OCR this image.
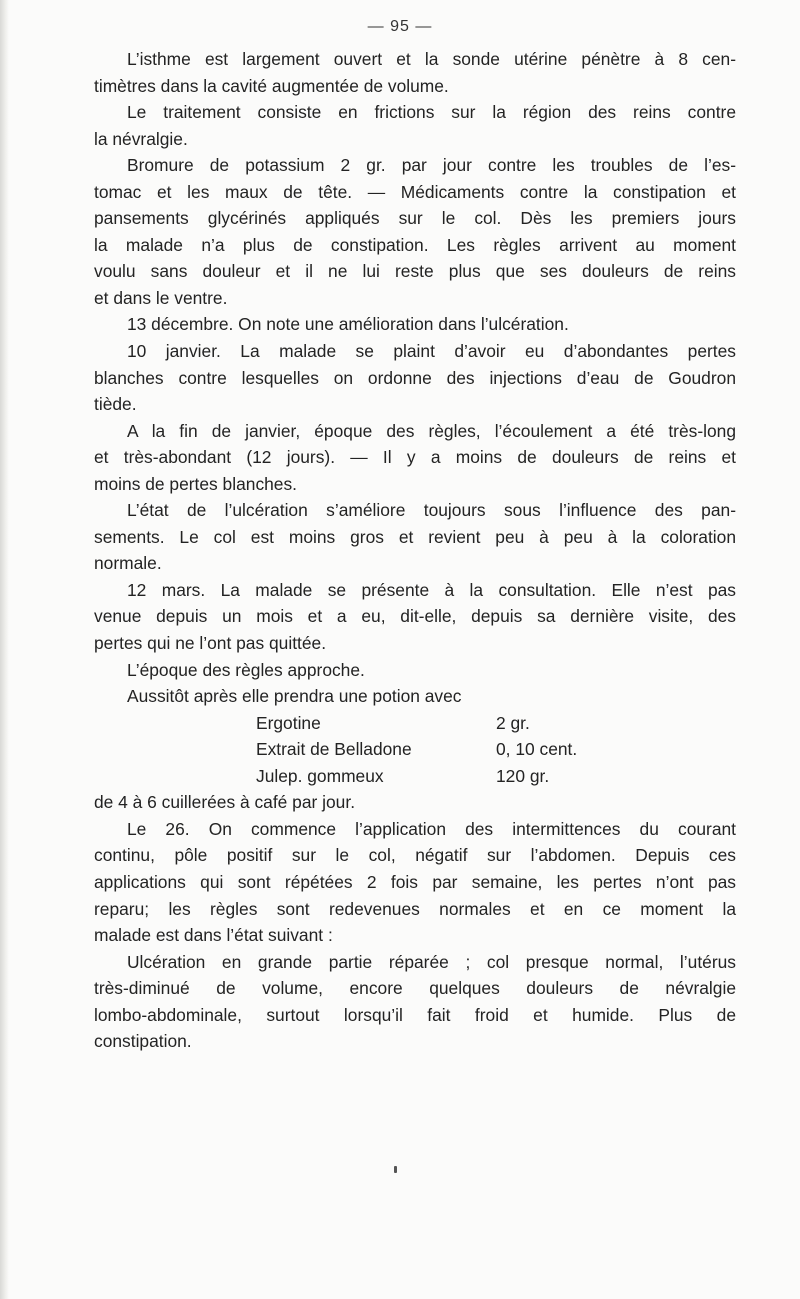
— 95 —
L’isthme est largement ouvert et la sonde utérine pénètre à 8 cen-
timètres dans la cavité augmentée de volume.
Le traitement consiste en frictions sur la région des reins contre
la névralgie.
Bromure de potassium 2 gr. par jour contre les troubles de l’es-
tomac et les maux de tête. — Médicaments contre la constipation et
pansements glycérinés appliqués sur le col. Dès les premiers jours
la malade n’a plus de constipation. Les règles arrivent au moment
voulu sans douleur et il ne lui reste plus que ses douleurs de reins
et dans le ventre.
13 décembre. On note une amélioration dans l’ulcération.
10 janvier. La malade se plaint d’avoir eu d’abondantes pertes
blanches contre lesquelles on ordonne des injections d’eau de Goudron
tiède.
A la fin de janvier, époque des règles, l’écoulement a été très-long
et très-abondant (12 jours). — Il y a moins de douleurs de reins et
moins de pertes blanches.
L’état de l’ulcération s’améliore toujours sous l’influence des pan-
sements. Le col est moins gros et revient peu à peu à la coloration
normale.
12 mars. La malade se présente à la consultation. Elle n’est pas
venue depuis un mois et a eu, dit-elle, depuis sa dernière visite, des
pertes qui ne l’ont pas quittée.
L’époque des règles approche.
Aussitôt après elle prendra une potion avec
Ergotine	2 gr.
Extrait de Belladone	0, 10 cent.
Julep. gommeux	120 gr.
de 4 à 6 cuillerées à café par jour.
Le 26. On commence l’application des intermittences du courant
continu, pôle positif sur le col, négatif sur l’abdomen. Depuis ces
applications qui sont répétées 2 fois par semaine, les pertes n’ont pas
reparu; les règles sont redevenues normales et en ce moment la
malade est dans l’état suivant :
Ulcération en grande partie réparée ; col presque normal, l’utérus
très-diminué de volume, encore quelques douleurs de névralgie
lombo-abdominale, surtout lorsqu’il fait froid et humide. Plus de
constipation.
